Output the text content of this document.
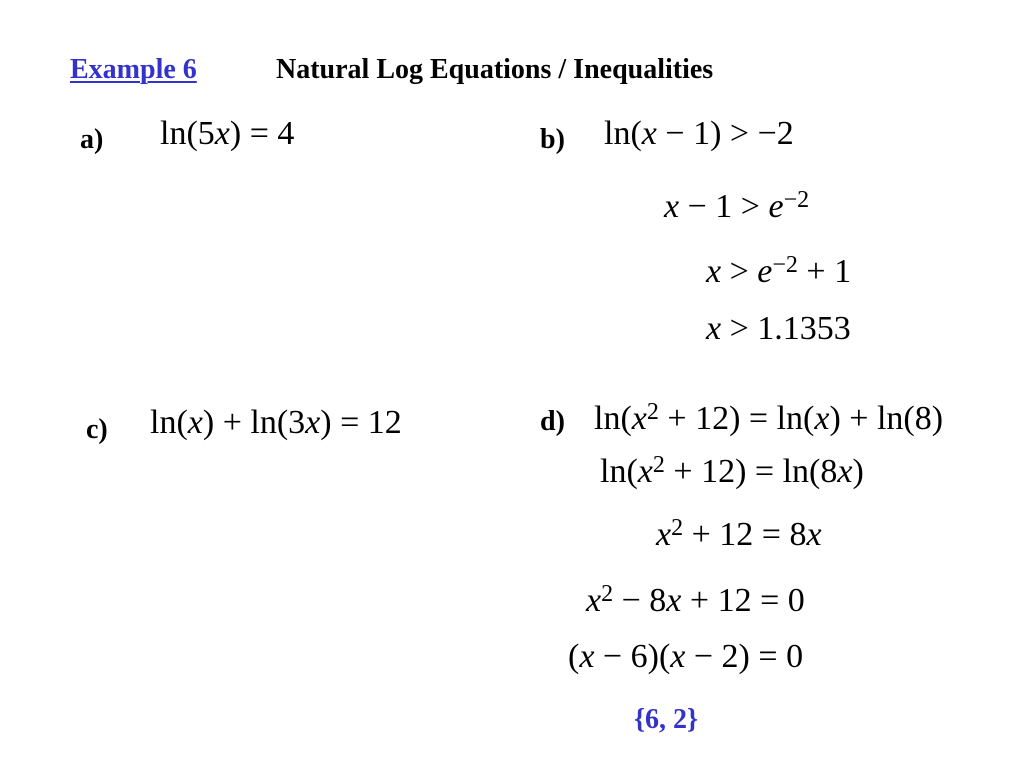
Example 6	Natural Log Equations / Inequalities
a) ln(5x) = 4	b) ln(x − 1) > −2
$x - 1 > e^{-2}$
$x > e^{-2} + 1$
x > 1.1353
c) ln(x) + ln(3x) = 12	d) $\ln(x^2 + 12) = \ln(x) + \ln(8)$
$\ln(x^2 + 12) = \ln(8x)$
$x^2 + 12 = 8x$
$x^2 - 8x + 12 = 0$
(x − 6)(x − 2) = 0
{6, 2}
